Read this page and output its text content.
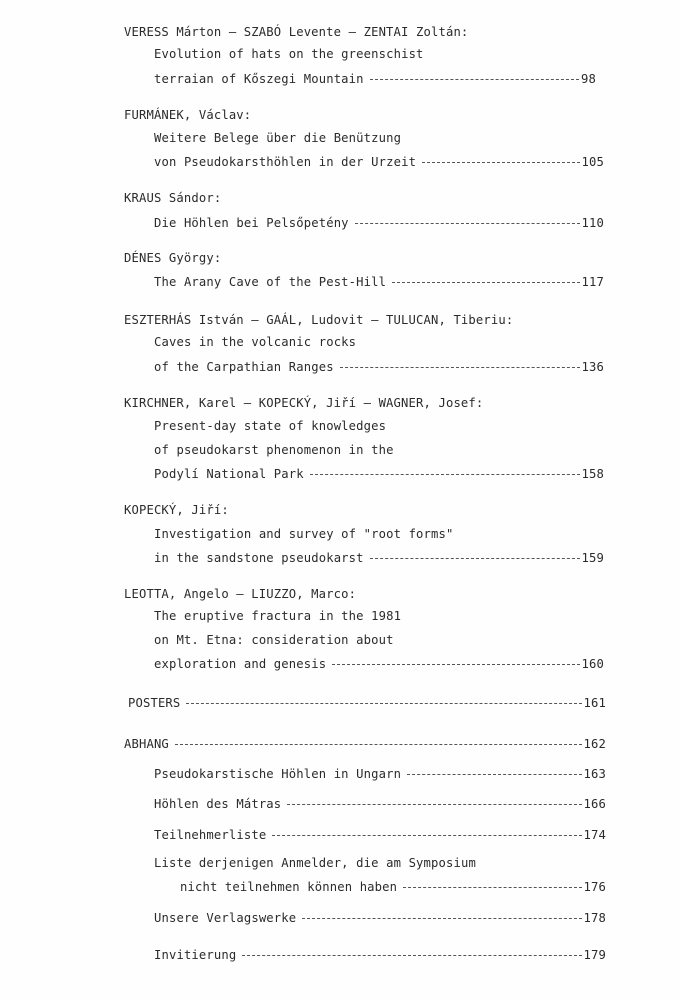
VERESS Márton — SZABÓ Levente — ZENTAI Zoltán:
Evolution of hats on the greenschist
terraian of Kőszegi Mountain	98
FURMÁNEK, Václav:
Weitere Belege über die Benützung
von Pseudokarsthöhlen in der Urzeit	105
KRAUS Sándor:
Die Höhlen bei Pelsőpetény	110
DÉNES György:
The Arany Cave of the Pest-Hill	117
ESZTERHÁS István — GAÁL, Ludovit — TULUCAN, Tiberiu:
Caves in the volcanic rocks
of the Carpathian Ranges	136
KIRCHNER, Karel — KOPECKÝ, Jiří — WAGNER, Josef:
Present-day state of knowledges
of pseudokarst phenomenon in the
Podylí National Park	158
KOPECKÝ, Jiří:
Investigation and survey of "root forms"
in the sandstone pseudokarst	159
LEOTTA, Angelo — LIUZZO, Marco:
The eruptive fractura in the 1981
on Mt. Etna: consideration about
exploration and genesis	160
POSTERS	161
ABHANG	162
Pseudokarstische Höhlen in Ungarn	163
Höhlen des Mátras	166
Teilnehmerliste	174
Liste derjenigen Anmelder, die am Symposium
nicht teilnehmen können haben	176
Unsere Verlagswerke	178
Invitierung	179
